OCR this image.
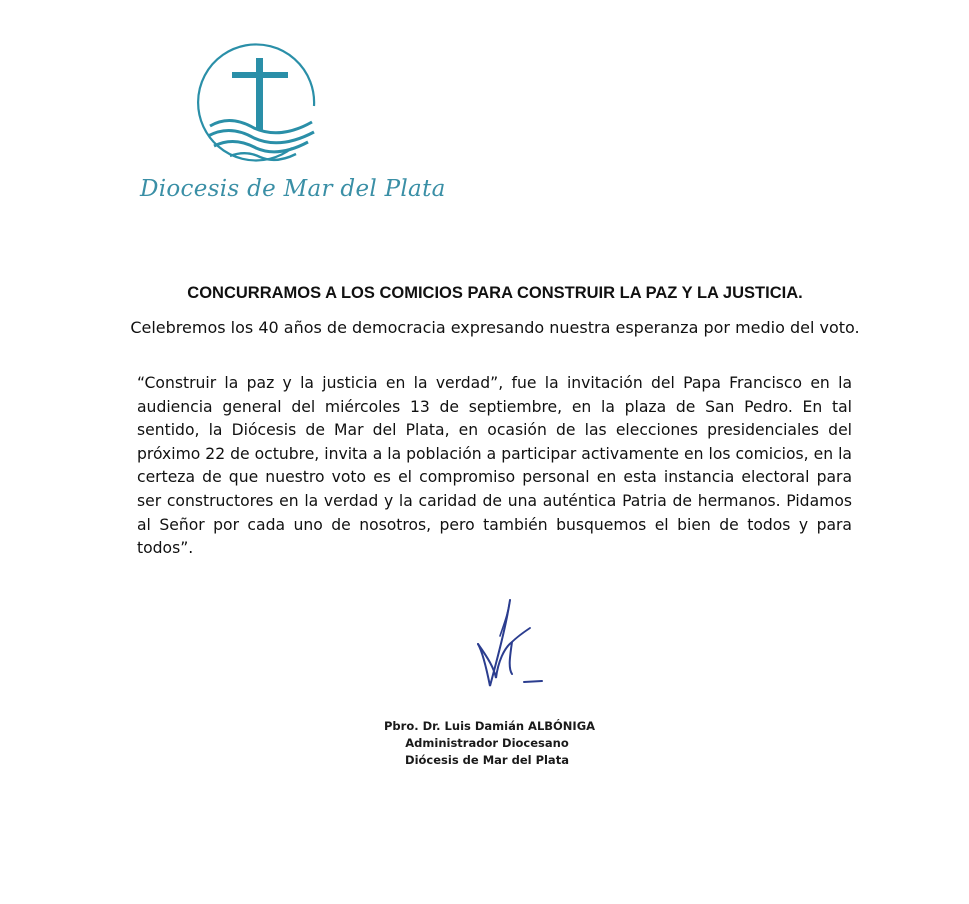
Diocesis de Mar del Plata
CONCURRAMOS A LOS COMICIOS PARA CONSTRUIR LA PAZ Y LA JUSTICIA.
Celebremos los 40 años de democracia expresando nuestra esperanza por medio del voto.

“Construir la paz y la justicia en la verdad”, fue la invitación del Papa Francisco en la audiencia general del miércoles 13 de septiembre, en la plaza de San Pedro. En tal sentido, la Diócesis de Mar del Plata, en ocasión de las elecciones presidenciales del próximo 22 de octubre, invita a la población a participar activamente en los comicios, en la certeza de que nuestro voto es el compromiso personal en esta instancia electoral para ser constructores en la verdad y la caridad de una auténtica Patria de hermanos. Pidamos al Señor por cada uno de nosotros, pero también busquemos el bien de todos y para todos”.

Pbro. Dr. Luis Damián ALBÓNIGA
Administrador Diocesano
Diócesis de Mar del Plata
